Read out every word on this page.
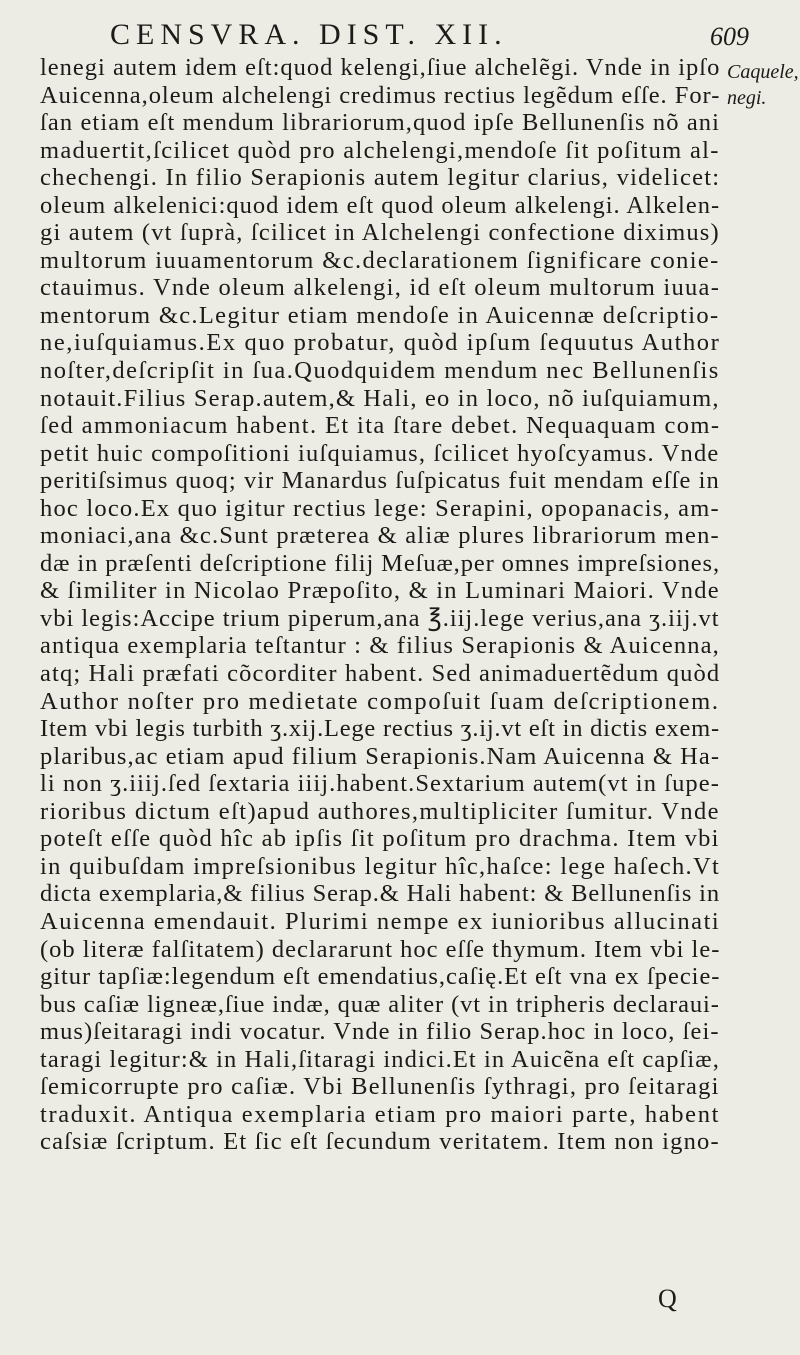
CENSVRA. DIST. XII.	609
Caquele,
negi.
lenegi autem idem eſt:quod kelengi,ſiue alchelẽgi. Vnde in ipſo
Auicenna,oleum alchelengi credimus rectius legẽdum eſſe. For-
ſan etiam eſt mendum librariorum,quod ipſe Bellunenſis nõ ani
maduertit,ſcilicet quòd pro alchelengi,mendoſe ſit poſitum al-
chechengi. In filio Serapionis autem legitur clarius, videlicet:
oleum alkelenici:quod idem eſt quod oleum alkelengi. Alkelen-
gi autem (vt ſuprà, ſcilicet in Alchelengi confectione diximus)
multorum iuuamentorum &c.declarationem ſignificare conie-
ctauimus. Vnde oleum alkelengi, id eſt oleum multorum iuua-
mentorum &c.Legitur etiam mendoſe in Auicennæ deſcriptio-
ne,iuſquiamus.Ex quo probatur, quòd ipſum ſequutus Author
noſter,deſcripſit in ſua.Quodquidem mendum nec Bellunenſis
notauit.Filius Serap.autem,& Hali, eo in loco, nõ iuſquiamum,
ſed ammoniacum habent. Et ita ſtare debet. Nequaquam com-
petit huic compoſitioni iuſquiamus, ſcilicet hyoſcyamus. Vnde
peritiſsimus quoq; vir Manardus ſuſpicatus fuit mendam eſſe in
hoc loco.Ex quo igitur rectius lege: Serapini, opopanacis, am-
moniaci,ana &c.Sunt præterea & aliæ plures librariorum men-
dæ in præſenti deſcriptione filij Meſuæ,per omnes impreſsiones,
& ſimiliter in Nicolao Præpoſito, & in Luminari Maiori. Vnde
vbi legis:Accipe trium piperum,ana ℥.iij.lege verius,ana ʒ.iij.vt
antiqua exemplaria teſtantur : & filius Serapionis & Auicenna,
atq; Hali præfati cõcorditer habent. Sed animaduertẽdum quòd
Author noſter pro medietate compoſuit ſuam deſcriptionem.
Item vbi legis turbith ʒ.xij.Lege rectius ʒ.ij.vt eſt in dictis exem-
plaribus,ac etiam apud filium Serapionis.Nam Auicenna & Ha-
li non ʒ.iiij.ſed ſextaria iiij.habent.Sextarium autem(vt in ſupe-
rioribus dictum eſt)apud authores,multipliciter ſumitur. Vnde
poteſt eſſe quòd hîc ab ipſis ſit poſitum pro drachma. Item vbi
in quibuſdam impreſsionibus legitur hîc,haſce: lege haſech.Vt
dicta exemplaria,& filius Serap.& Hali habent: & Bellunenſis in
Auicenna emendauit. Plurimi nempe ex iunioribus allucinati
(ob literæ falſitatem) declararunt hoc eſſe thymum. Item vbi le-
gitur tapſiæ:legendum eſt emendatius,caſię.Et eſt vna ex ſpecie-
bus caſiæ ligneæ,ſiue indæ, quæ aliter (vt in tripheris declaraui-
mus)ſeitaragi indi vocatur. Vnde in filio Serap.hoc in loco, ſei-
taragi legitur:& in Hali,ſitaragi indici.Et in Auicẽna eſt capſiæ,
ſemicorrupte pro caſiæ. Vbi Bellunenſis ſythragi, pro ſeitaragi
traduxit. Antiqua exemplaria etiam pro maiori parte, habent
caſsiæ ſcriptum. Et ſic eſt ſecundum veritatem. Item non igno-
Q
